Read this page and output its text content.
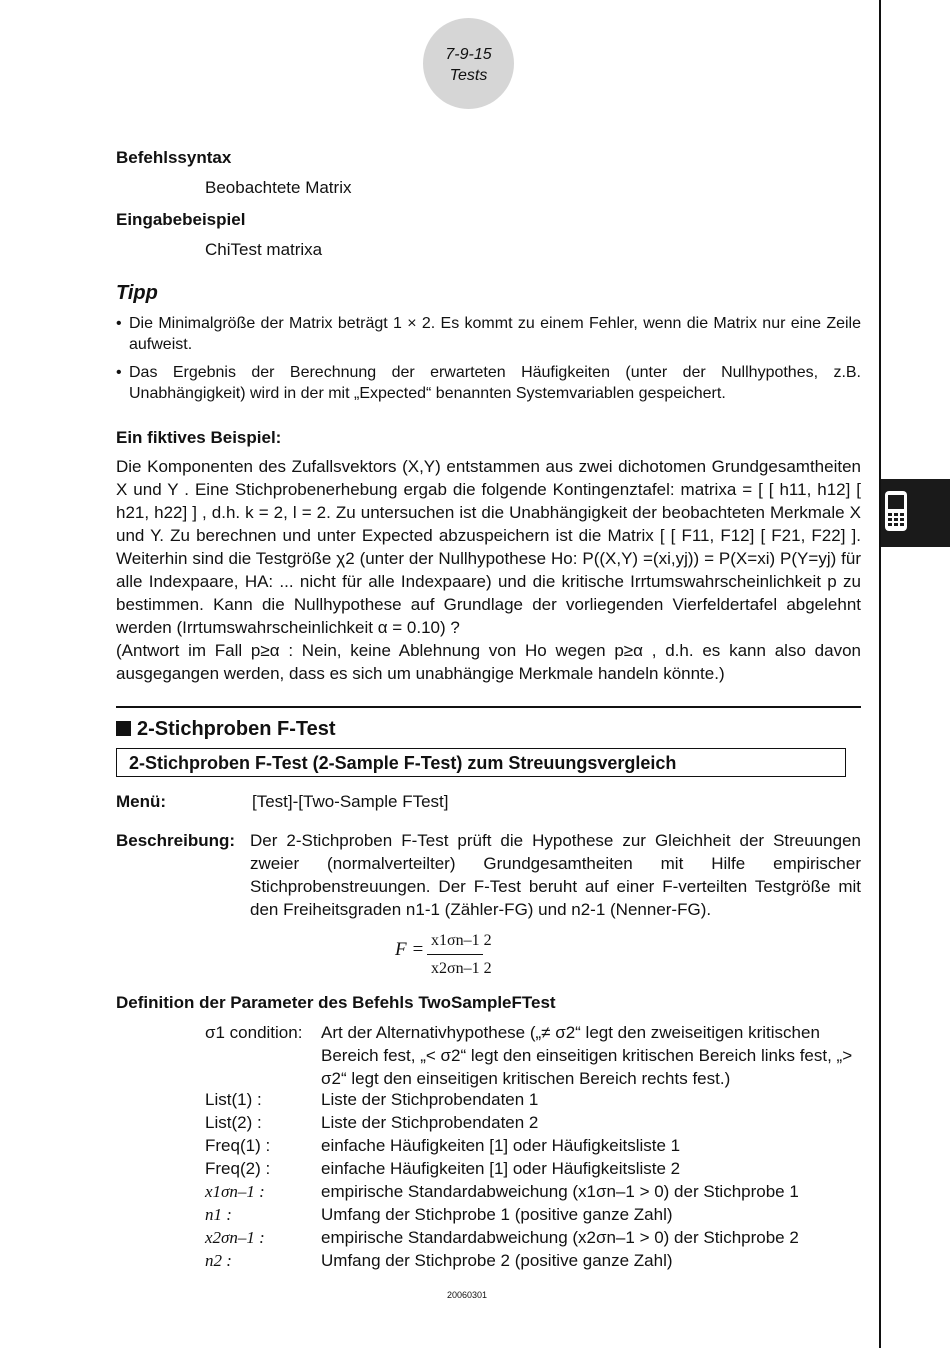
7-9-15
Tests
Befehlssyntax
Beobachtete Matrix
Eingabebeispiel
ChiTest matrixa
Tipp
• Die Minimalgröße der Matrix beträgt 1 × 2. Es kommt zu einem Fehler, wenn die Matrix nur eine Zeile aufweist.
• Das Ergebnis der Berechnung der erwarteten Häufigkeiten (unter der Nullhypothes, z.B. Unabhängigkeit) wird in der mit „Expected“ benannten Systemvariablen gespeichert.
Ein fiktives Beispiel:

Die Komponenten des Zufallsvektors (X,Y) entstammen aus zwei dichotomen Grundgesamtheiten X und Y . Eine Stichprobenerhebung ergab die folgende Kontingenztafel: matrixa = [ [ h11, h12] [ h21, h22] ] , d.h. k = 2, l = 2. Zu untersuchen ist die Unabhängigkeit der beobachteten Merkmale X und Y. Zu berechnen und unter Expected abzuspeichern ist die Matrix [ [ F11, F12] [ F21, F22] ]. Weiterhin sind die Testgröße χ2 (unter der Nullhypothese Ho: P((X,Y) =(xi,yj)) = P(X=xi) P(Y=yj) für alle Indexpaare, HA: ... nicht für alle Indexpaare) und die kritische Irrtumswahrscheinlichkeit p zu bestimmen. Kann die Nullhypothese auf Grundlage der vorliegenden Vierfeldertafel abgelehnt werden (Irrtumswahrscheinlichkeit α = 0.10) ?

(Antwort im Fall p≥α : Nein, keine Ablehnung von Ho wegen p≥α , d.h. es kann also davon ausgegangen werden, dass es sich um unabhängige Merkmale handeln könnte.)

2-Stichproben F-Test
2-Stichproben F-Test (2-Sample F-Test) zum Streuungsvergleich
Menü:	[Test]-[Two-Sample FTest]
Beschreibung: Der 2-Stichproben F-Test prüft die Hypothese zur Gleichheit der Streuungen zweier (normalverteilter) Grundgesamtheiten mit Hilfe empirischer Stichprobenstreuungen. Der F-Test beruht auf einer F-verteilten Testgröße mit den Freiheitsgraden n1-1 (Zähler-FG) und n2-1 (Nenner-FG).
F = x1σn–1 2
x2σn–1 2
Definition der Parameter des Befehls TwoSampleFTest
σ1 condition: Art der Alternativhypothese („≠ σ2“ legt den zweiseitigen kritischen Bereich fest, „< σ2“ legt den einseitigen kritischen Bereich links fest, „> σ2“ legt den einseitigen kritischen Bereich rechts fest.)
List(1) :	Liste der Stichprobendaten 1
List(2) :	Liste der Stichprobendaten 2
Freq(1) :	einfache Häufigkeiten [1] oder Häufigkeitsliste 1
Freq(2) :	einfache Häufigkeiten [1] oder Häufigkeitsliste 2
x1σn–1 :	empirische Standardabweichung (x1σn–1 > 0) der Stichprobe 1
n1 :	Umfang der Stichprobe 1 (positive ganze Zahl)
x2σn–1 :	empirische Standardabweichung (x2σn–1 > 0) der Stichprobe 2
n2 :	Umfang der Stichprobe 2 (positive ganze Zahl)
20060301
